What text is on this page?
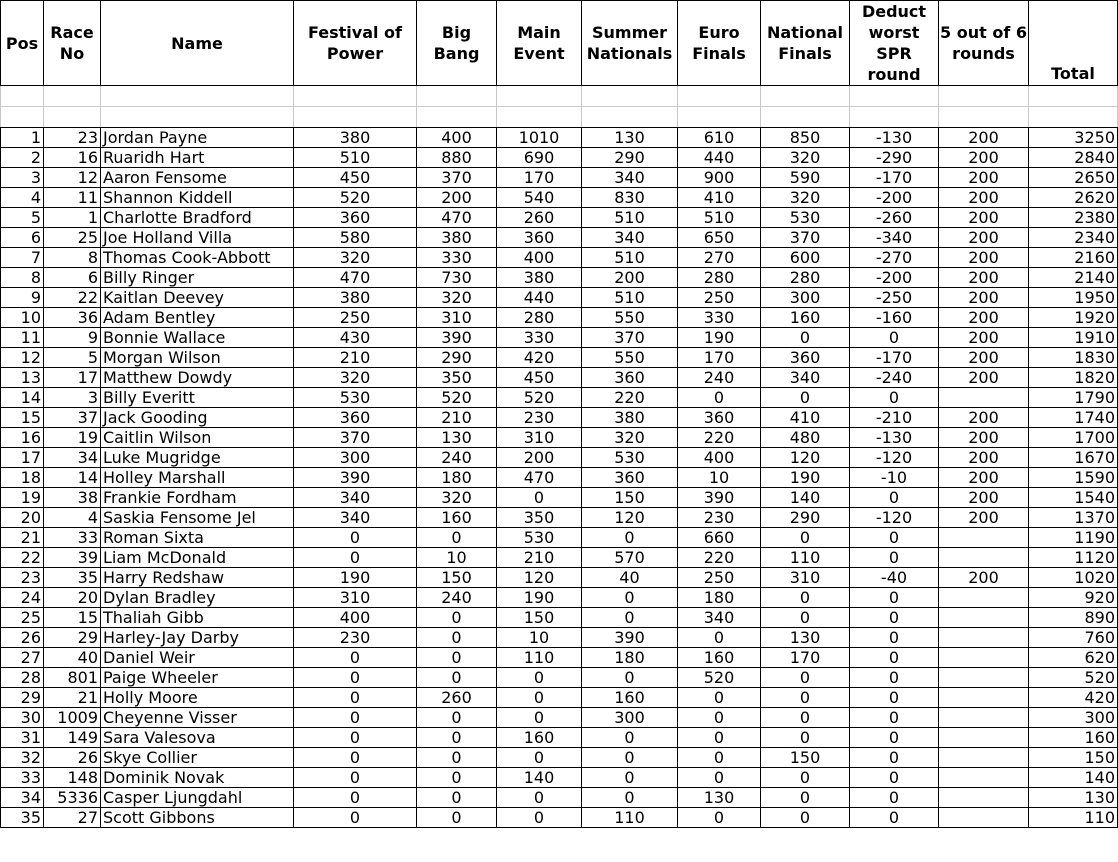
Pos	Race No	Name	Festival of Power	Big Bang	Main Event	Summer Nationals	Euro Finals	National Finals	Deduct worst SPR round	5 out of 6 rounds	Total

1	23	Jordan Payne	380	400	1010	130	610	850	-130	200	3250
2	16	Ruaridh Hart	510	880	690	290	440	320	-290	200	2840
3	12	Aaron Fensome	450	370	170	340	900	590	-170	200	2650
4	11	Shannon Kiddell	520	200	540	830	410	320	-200	200	2620
5	1	Charlotte Bradford	360	470	260	510	510	530	-260	200	2380
6	25	Joe Holland Villa	580	380	360	340	650	370	-340	200	2340
7	8	Thomas Cook-Abbott	320	330	400	510	270	600	-270	200	2160
8	6	Billy Ringer	470	730	380	200	280	280	-200	200	2140
9	22	Kaitlan Deevey	380	320	440	510	250	300	-250	200	1950
10	36	Adam Bentley	250	310	280	550	330	160	-160	200	1920
11	9	Bonnie Wallace	430	390	330	370	190	0	0	200	1910
12	5	Morgan Wilson	210	290	420	550	170	360	-170	200	1830
13	17	Matthew Dowdy	320	350	450	360	240	340	-240	200	1820
14	3	Billy Everitt	530	520	520	220	0	0	0		1790
15	37	Jack Gooding	360	210	230	380	360	410	-210	200	1740
16	19	Caitlin Wilson	370	130	310	320	220	480	-130	200	1700
17	34	Luke Mugridge	300	240	200	530	400	120	-120	200	1670
18	14	Holley Marshall	390	180	470	360	10	190	-10	200	1590
19	38	Frankie Fordham	340	320	0	150	390	140	0	200	1540
20	4	Saskia Fensome Jel	340	160	350	120	230	290	-120	200	1370
21	33	Roman Sixta	0	0	530	0	660	0	0		1190
22	39	Liam McDonald	0	10	210	570	220	110	0		1120
23	35	Harry Redshaw	190	150	120	40	250	310	-40	200	1020
24	20	Dylan Bradley	310	240	190	0	180	0	0		920
25	15	Thaliah Gibb	400	0	150	0	340	0	0		890
26	29	Harley-Jay Darby	230	0	10	390	0	130	0		760
27	40	Daniel Weir	0	0	110	180	160	170	0		620
28	801	Paige Wheeler	0	0	0	0	520	0	0		520
29	21	Holly Moore	0	260	0	160	0	0	0		420
30	1009	Cheyenne Visser	0	0	0	300	0	0	0		300
31	149	Sara Valesova	0	0	160	0	0	0	0		160
32	26	Skye Collier	0	0	0	0	0	150	0		150
33	148	Dominik Novak	0	0	140	0	0	0	0		140
34	5336	Casper Ljungdahl	0	0	0	0	130	0	0		130
35	27	Scott Gibbons	0	0	0	110	0	0	0		110
